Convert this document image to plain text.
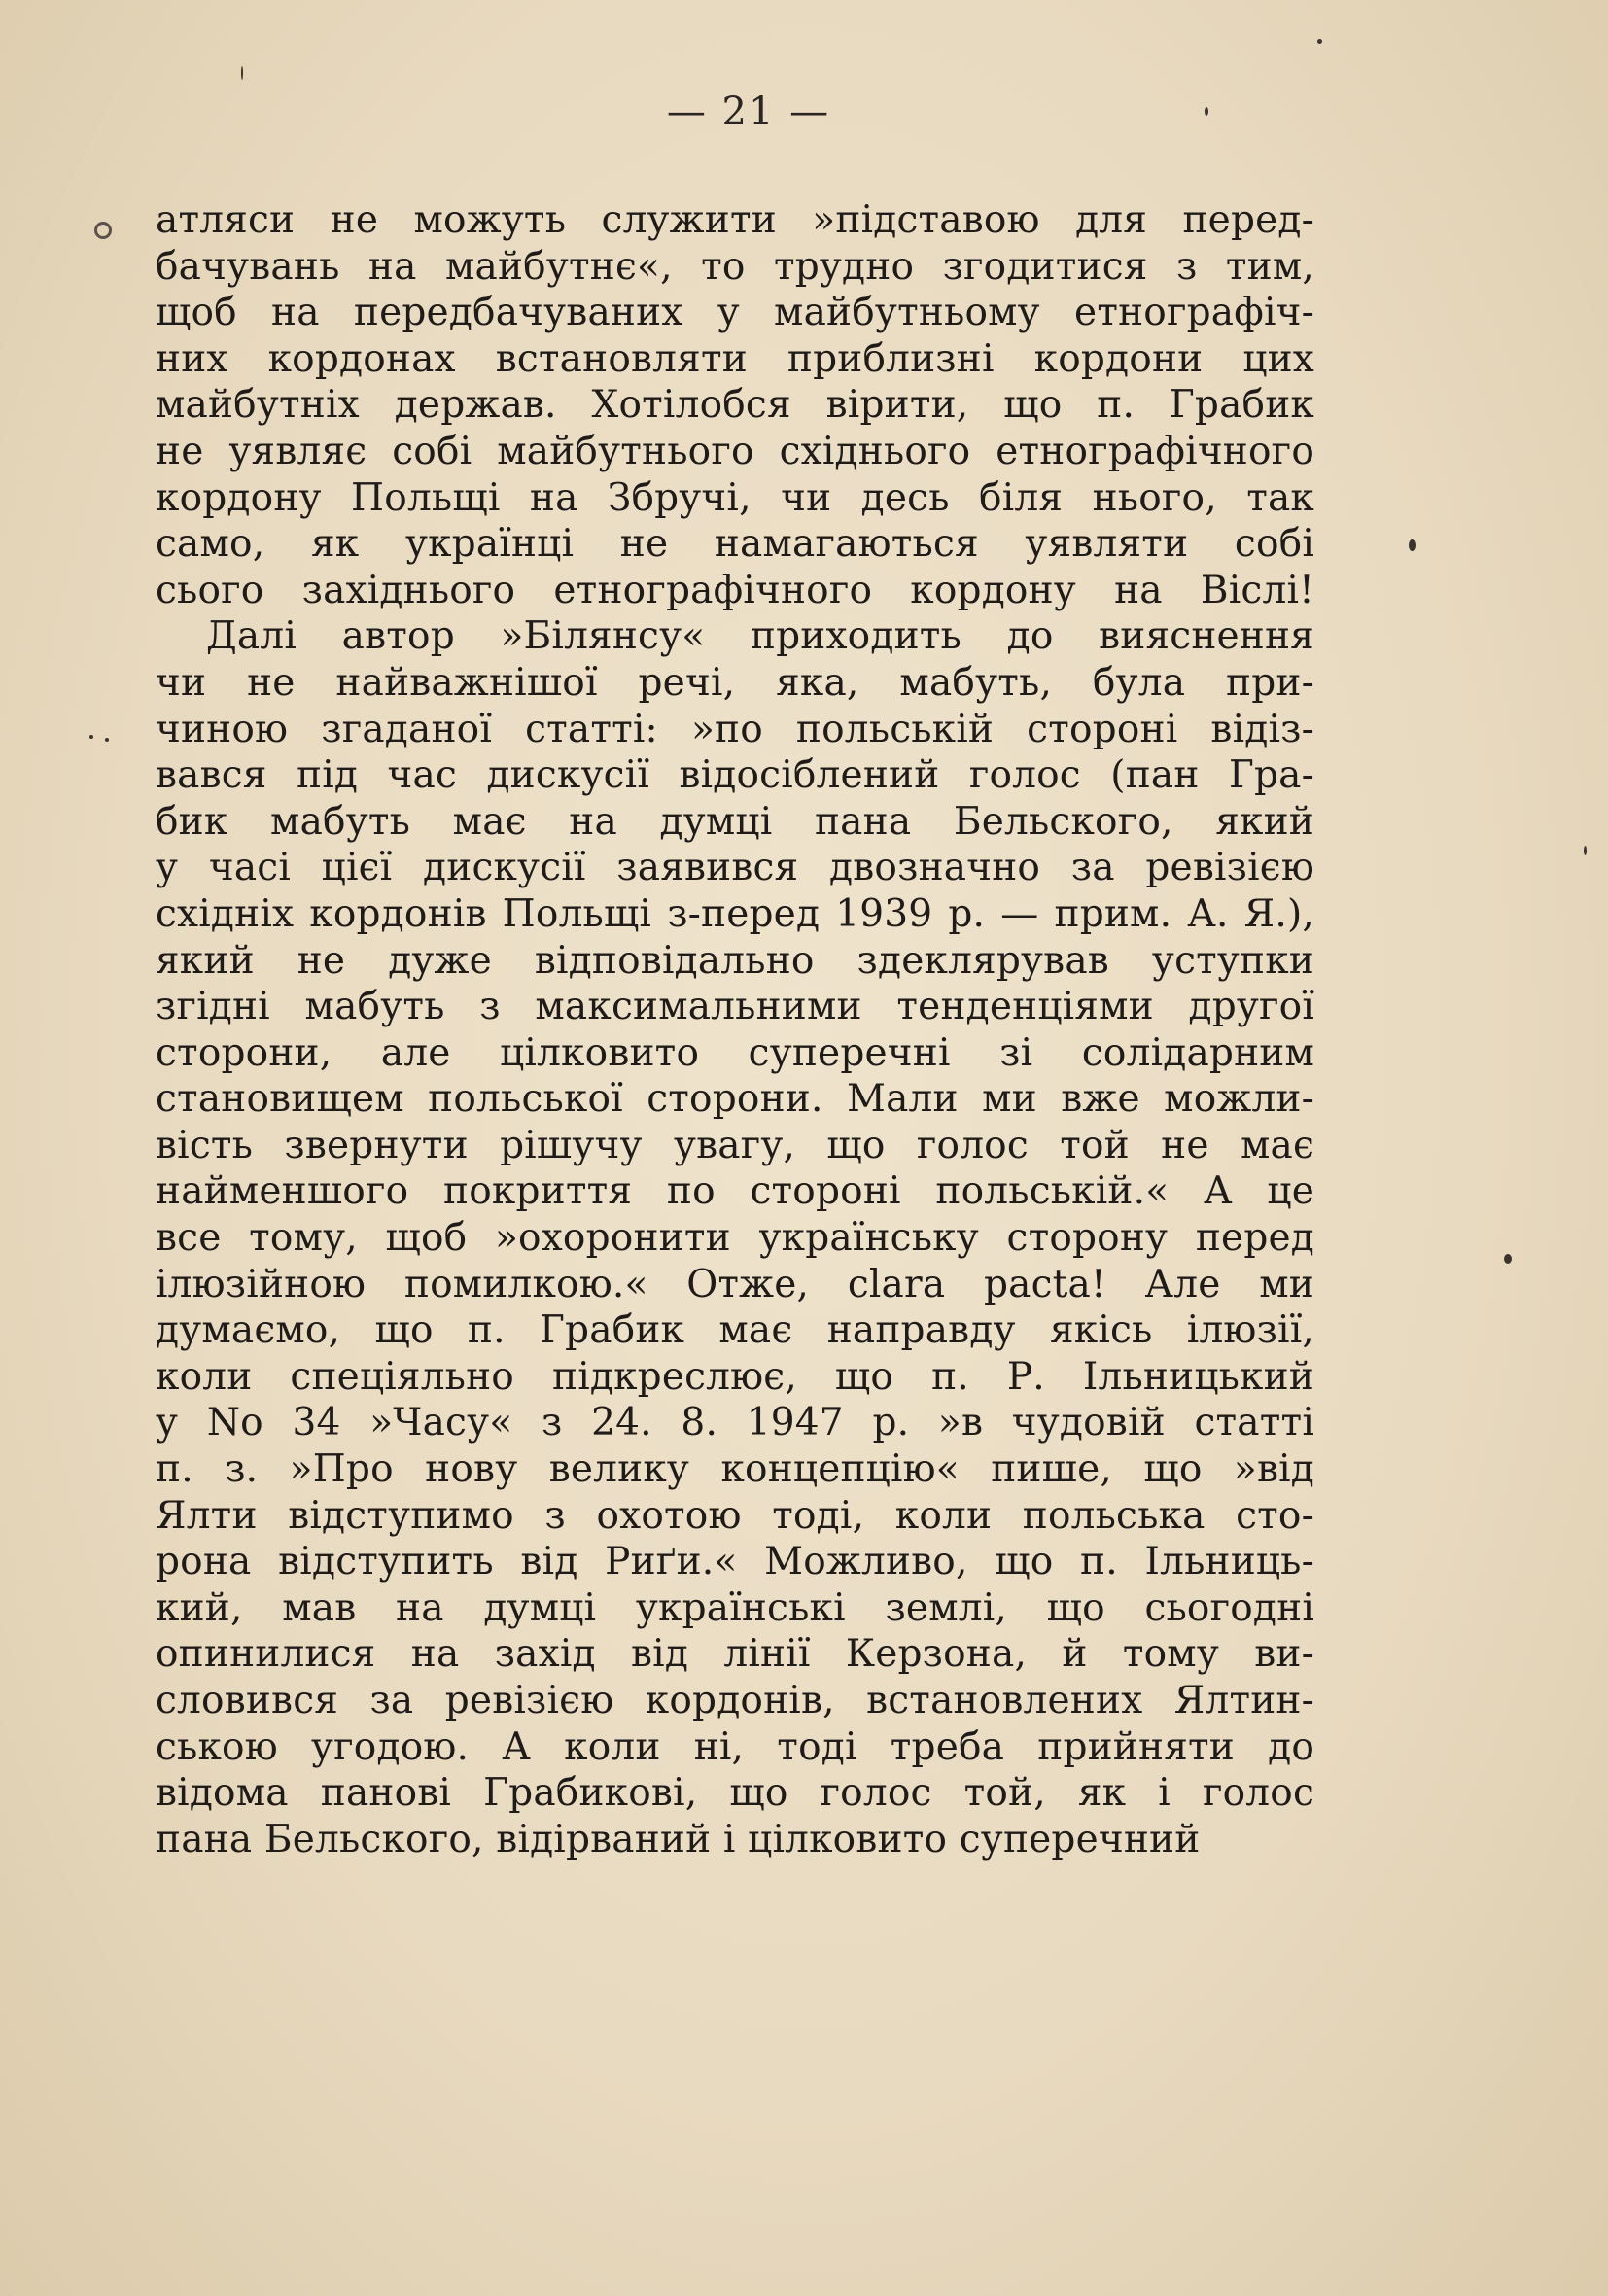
— 21 —
атляси не можуть служити »підставою для перед-
бачувань на майбутнє«, то трудно згодитися з тим,
щоб на передбачуваних у майбутньому етнографіч-
них кордонах встановляти приблизні кордони цих
майбутніх держав. Хотілобся вірити, що п. Грабик
не уявляє собі майбутнього східнього етнографічного
кордону Польщі на Збручі, чи десь біля нього, так
само, як українці не намагаються уявляти собі
сього західнього етнографічного кордону на Віслі!
Далі автор »Білянсу« приходить до вияснення
чи не найважнішої речі, яка, мабуть, була при-
чиною згаданої статті: »по польській стороні відіз-
вався під час дискусії відосіблений голос (пан Гра-
бик мабуть має на думці пана Бельского, який
у часі цієї дискусії заявився двозначно за ревізією
східніх кордонів Польщі з-перед 1939 р. — прим. А. Я.),
який не дуже відповідально здеклярував уступки
згідні мабуть з максимальними тенденціями другої
сторони, але цілковито суперечні зі солідарним
становищем польської сторони. Мали ми вже можли-
вість звернути рішучу увагу, що голос той не має
найменшого покриття по стороні польській.« А це
все тому, щоб »охоронити українську сторону перед
ілюзійною помилкою.« Отже, clara pacta! Але ми
думаємо, що п. Грабик має направду якісь ілюзії,
коли спеціяльно підкреслює, що п. Р. Ільницький
у No 34 »Часу« з 24. 8. 1947 р. »в чудовій статті
п. з. »Про нову велику концепцію« пише, що »від
Ялти відступимо з охотою тоді, коли польська сто-
рона відступить від Риґи.« Можливо, що п. Ільниць-
кий, мав на думці українські землі, що сьогодні
опинилися на захід від лінії Керзона, й тому ви-
словився за ревізією кордонів, встановлених Ялтин-
ською угодою. А коли ні, тоді треба прийняти до
відома панові Грабикові, що голос той, як і голос
пана Бельского, відірваний і цілковито суперечний
